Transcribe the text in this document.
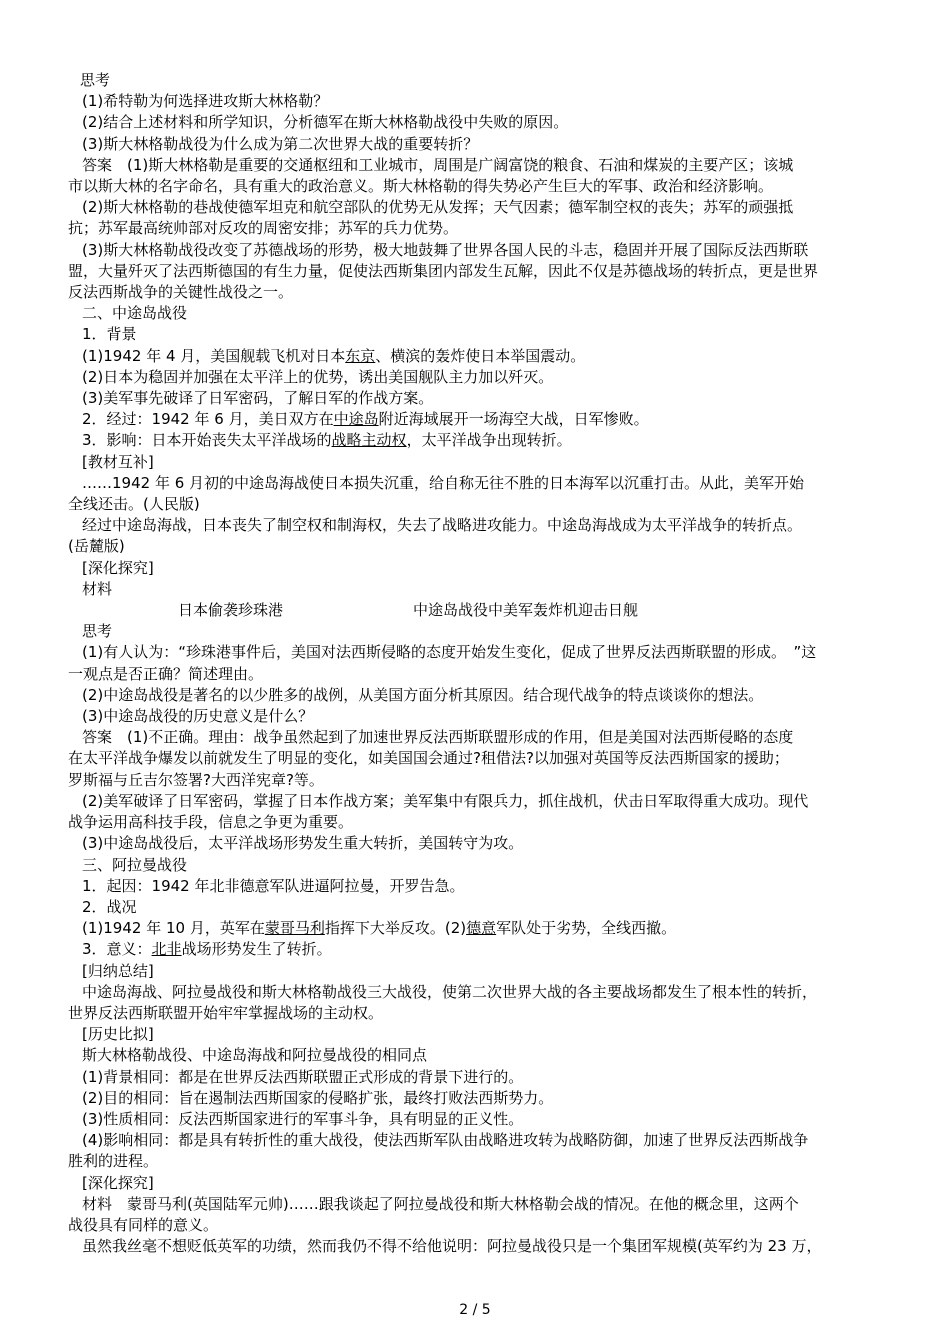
思考

(1)希特勒为何选择进攻斯大林格勒？

(2)结合上述材料和所学知识，分析德军在斯大林格勒战役中失败的原因。

(3)斯大林格勒战役为什么成为第二次世界大战的重要转折？

答案　(1)斯大林格勒是重要的交通枢纽和工业城市，周围是广阔富饶的粮食、石油和煤炭的主要产区；该城

市以斯大林的名字命名，具有重大的政治意义。斯大林格勒的得失势必产生巨大的军事、政治和经济影响。

(2)斯大林格勒的巷战使德军坦克和航空部队的优势无从发挥；天气因素；德军制空权的丧失；苏军的顽强抵

抗；苏军最高统帅部对反攻的周密安排；苏军的兵力优势。

(3)斯大林格勒战役改变了苏德战场的形势，极大地鼓舞了世界各国人民的斗志，稳固并开展了国际反法西斯联

盟，大量歼灭了法西斯德国的有生力量，促使法西斯集团内部发生瓦解，因此不仅是苏德战场的转折点，更是世界

反法西斯战争的关键性战役之一。

二、中途岛战役

1．背景

(1)1942 年 4 月，美国舰载飞机对日本东京、横滨的轰炸使日本举国震动。

(2)日本为稳固并加强在太平洋上的优势，诱出美国舰队主力加以歼灭。

(3)美军事先破译了日军密码，了解日军的作战方案。

2．经过：1942 年 6 月，美日双方在中途岛附近海域展开一场海空大战，日军惨败。

3．影响：日本开始丧失太平洋战场的战略主动权，太平洋战争出现转折。

[教材互补]

……1942 年 6 月初的中途岛海战使日本损失沉重，给自称无往不胜的日本海军以沉重打击。从此，美军开始

全线还击。(人民版)

经过中途岛海战，日本丧失了制空权和制海权，失去了战略进攻能力。中途岛海战成为太平洋战争的转折点。

(岳麓版)

[深化探究]

材料

日本偷袭珍珠港	中途岛战役中美军轰炸机迎击日舰

思考

(1)有人认为：“珍珠港事件后，美国对法西斯侵略的态度开始发生变化，促成了世界反法西斯联盟的形成。　”这

一观点是否正确？简述理由。

(2)中途岛战役是著名的以少胜多的战例，从美国方面分析其原因。结合现代战争的特点谈谈你的想法。

(3)中途岛战役的历史意义是什么？

答案　(1)不正确。理由：战争虽然起到了加速世界反法西斯联盟形成的作用，但是美国对法西斯侵略的态度

在太平洋战争爆发以前就发生了明显的变化，如美国国会通过?租借法?以加强对英国等反法西斯国家的援助；

罗斯福与丘吉尔签署?大西洋宪章?等。

(2)美军破译了日军密码，掌握了日本作战方案；美军集中有限兵力，抓住战机，伏击日军取得重大成功。现代

战争运用高科技手段，信息之争更为重要。

(3)中途岛战役后，太平洋战场形势发生重大转折，美国转守为攻。

三、阿拉曼战役

1．起因：1942 年北非德意军队进逼阿拉曼，开罗告急。

2．战况

(1)1942 年 10 月，英军在蒙哥马利指挥下大举反攻。(2)德意军队处于劣势，全线西撤。

3．意义：北非战场形势发生了转折。

[归纳总结]

中途岛海战、阿拉曼战役和斯大林格勒战役三大战役，使第二次世界大战的各主要战场都发生了根本性的转折，

世界反法西斯联盟开始牢牢掌握战场的主动权。

[历史比拟]

斯大林格勒战役、中途岛海战和阿拉曼战役的相同点

(1)背景相同：都是在世界反法西斯联盟正式形成的背景下进行的。

(2)目的相同：旨在遏制法西斯国家的侵略扩张，最终打败法西斯势力。

(3)性质相同：反法西斯国家进行的军事斗争，具有明显的正义性。

(4)影响相同：都是具有转折性的重大战役，使法西斯军队由战略进攻转为战略防御，加速了世界反法西斯战争

胜利的进程。

[深化探究]

材料　蒙哥马利(英国陆军元帅)……跟我谈起了阿拉曼战役和斯大林格勒会战的情况。在他的概念里，这两个

战役具有同样的意义。

虽然我丝毫不想贬低英军的功绩，然而我仍不得不给他说明：阿拉曼战役只是一个集团军规模(英军约为 23 万，

2 / 5
